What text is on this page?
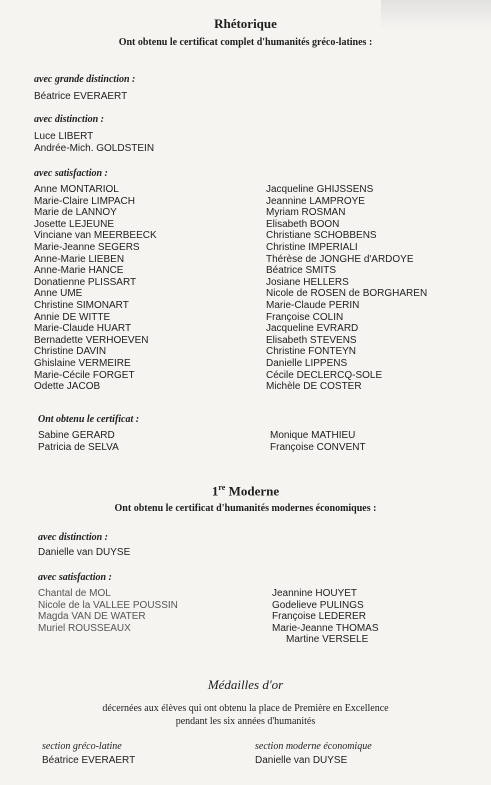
Rhétorique
Ont obtenu le certificat complet d'humanités gréco-latines :
avec grande distinction :
Béatrice EVERAERT
avec distinction :
Luce LIBERT
Andrée-Mich. GOLDSTEIN
avec satisfaction :
Anne MONTARIOL
Marie-Claire LIMPACH
Marie de LANNOY
Josette LEJEUNE
Vinciane van MEERBEECK
Marie-Jeanne SEGERS
Anne-Marie LIEBEN
Anne-Marie HANCE
Donatienne PLISSART
Anne UME
Christine SIMONART
Annie DE WITTE
Marie-Claude HUART
Bernadette VERHOEVEN
Christine DAVIN
Ghislaine VERMEIRE
Marie-Cécile FORGET
Odette JACOB
Jacqueline GHIJSSENS
Jeannine LAMPROYE
Myriam ROSMAN
Elisabeth BOON
Christiane SCHOBBENS
Christine IMPERIALI
Thérèse de JONGHE d'ARDOYE
Béatrice SMITS
Josiane HELLERS
Nicole de ROSEN de BORGHAREN
Marie-Claude PERIN
Françoise COLIN
Jacqueline EVRARD
Elisabeth STEVENS
Christine FONTEYN
Danielle LIPPENS
Cécile DECLERCQ-SOLE
Michèle DE COSTER
Ont obtenu le certificat :
Sabine GERARD
Patricia de SELVA
Monique MATHIEU
Françoise CONVENT
1re Moderne
Ont obtenu le certificat d'humanités modernes économiques :
avec distinction :
Danielle van DUYSE
avec satisfaction :
Chantal de MOL
Nicole de la VALLEE POUSSIN
Magda VAN DE WATER
Muriel ROUSSEAUX
Jeannine HOUYET
Godelieve PULINGS
Françoise LEDERER
Marie-Jeanne THOMAS
Martine VERSELE
Médailles d'or
décernées aux élèves qui ont obtenu la place de Première en Excellence
pendant les six années d'humanités
section gréco-latine
Béatrice EVERAERT
section moderne économique
Danielle van DUYSE
